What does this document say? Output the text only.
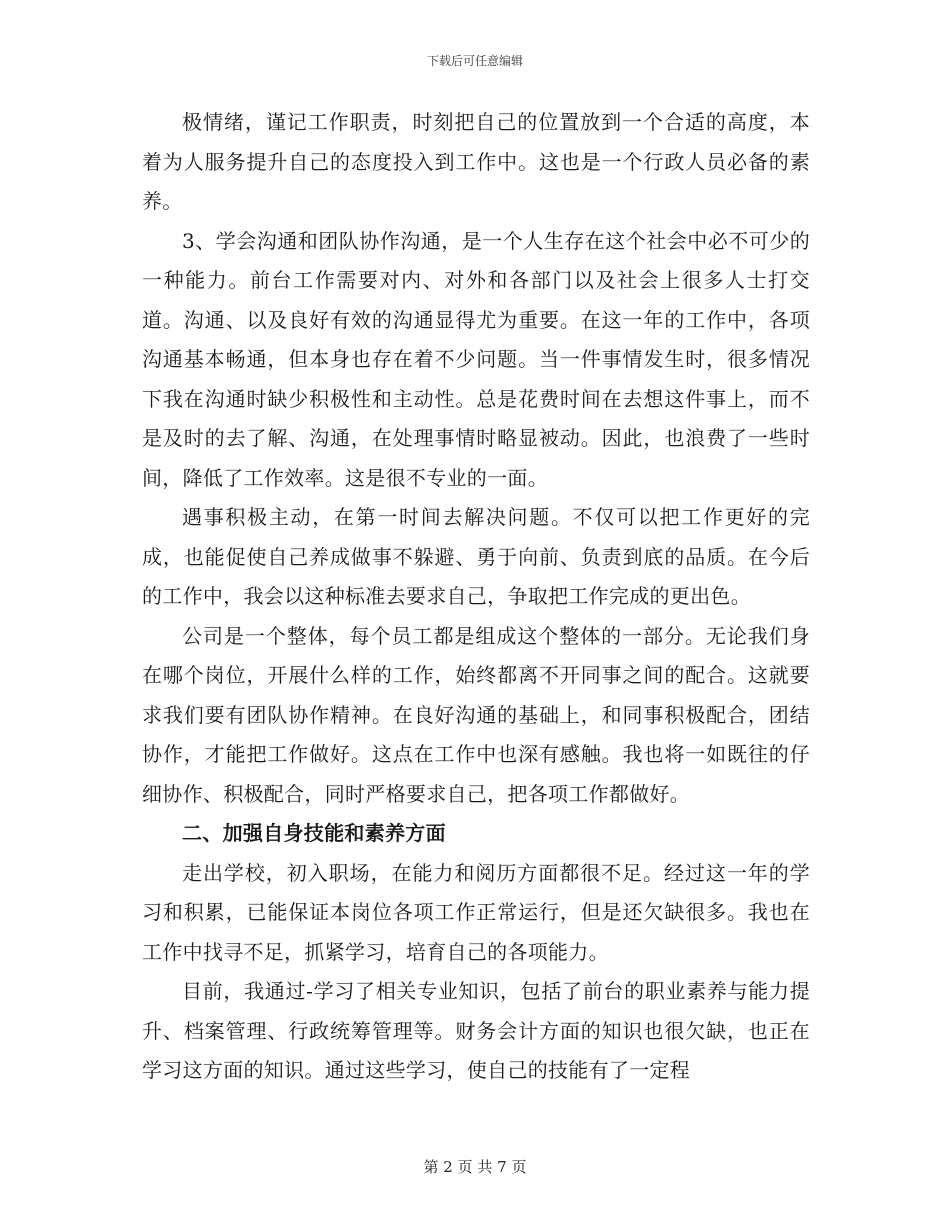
下载后可任意编辑

极情绪，谨记工作职责，时刻把自己的位置放到一个合适的高度，本着为人服务提升自己的态度投入到工作中。这也是一个行政人员必备的素养。

3、学会沟通和团队协作沟通，是一个人生存在这个社会中必不可少的一种能力。前台工作需要对内、对外和各部门以及社会上很多人士打交道。沟通、以及良好有效的沟通显得尤为重要。在这一年的工作中，各项沟通基本畅通，但本身也存在着不少问题。当一件事情发生时，很多情况下我在沟通时缺少积极性和主动性。总是花费时间在去想这件事上，而不是及时的去了解、沟通，在处理事情时略显被动。因此，也浪费了一些时间，降低了工作效率。这是很不专业的一面。

遇事积极主动，在第一时间去解决问题。不仅可以把工作更好的完成，也能促使自己养成做事不躲避、勇于向前、负责到底的品质。在今后的工作中，我会以这种标准去要求自己，争取把工作完成的更出色。

公司是一个整体，每个员工都是组成这个整体的一部分。无论我们身在哪个岗位，开展什么样的工作，始终都离不开同事之间的配合。这就要求我们要有团队协作精神。在良好沟通的基础上，和同事积极配合，团结协作，才能把工作做好。这点在工作中也深有感触。我也将一如既往的仔细协作、积极配合，同时严格要求自己，把各项工作都做好。

二、加强自身技能和素养方面

走出学校，初入职场，在能力和阅历方面都很不足。经过这一年的学习和积累，已能保证本岗位各项工作正常运行，但是还欠缺很多。我也在工作中找寻不足，抓紧学习，培育自己的各项能力。

目前，我通过-学习了相关专业知识，包括了前台的职业素养与能力提升、档案管理、行政统筹管理等。财务会计方面的知识也很欠缺，也正在学习这方面的知识。通过这些学习，使自己的技能有了一定程

第 2 页 共 7 页
